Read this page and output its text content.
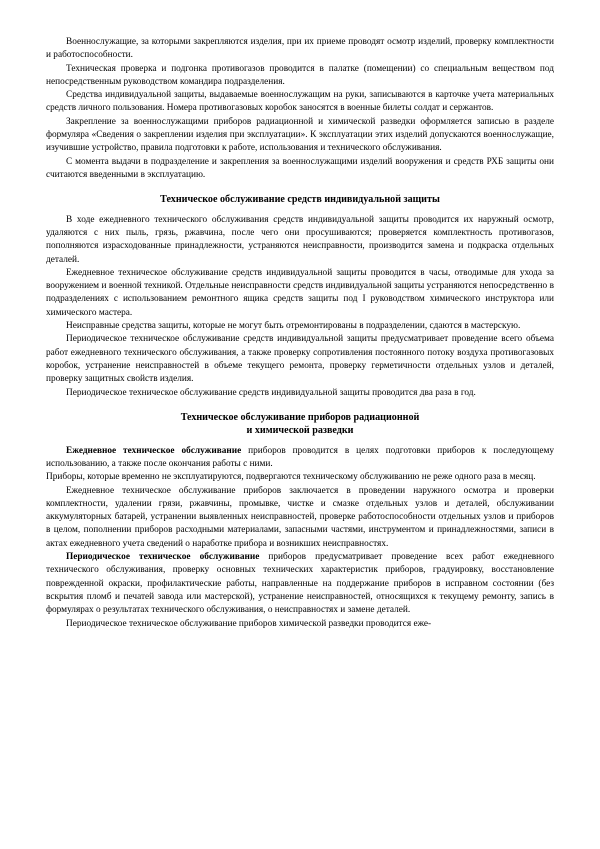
Военнослужащие, за которыми закрепляются изделия, при их приеме проводят осмотр изделий, проверку комплектности и работоспособности.

Техническая проверка и подгонка противогазов проводится в палатке (помещении) со специальным веществом под непосредственным руководством командира подразделения.

Средства индивидуальной защиты, выдаваемые военнослужащим на руки, записываются в карточке учета материальных средств личного пользования. Номера противогазовых коробок заносятся в военные билеты солдат и сержантов.

Закрепление за военнослужащими приборов радиационной и химической разведки оформляется записью в разделе формуляра «Сведения о закреплении изделия при эксплуатации». К эксплуатации этих изделий допускаются военнослужащие, изучившие устройство, правила подготовки к работе, использования и технического обслуживания.

С момента выдачи в подразделение и закрепления за военнослужащими изделий вооружения и средств РХБ защиты они считаются введенными в эксплуатацию.

Техническое обслуживание средств индивидуальной защиты

В ходе ежедневного технического обслуживания средств индивидуальной защиты проводится их наружный осмотр, удаляются с них пыль, грязь, ржавчина, после чего они просушиваются; проверяется комплектность противогазов, пополняются израсходованные принадлежности, устраняются неисправности, производится замена и подкраска отдельных деталей.

Ежедневное техническое обслуживание средств индивидуальной защиты проводится в часы, отводимые для ухода за вооружением и военной техникой. Отдельные неисправности средств индивидуальной защиты устраняются непосредственно в подразделениях с использованием ремонтного ящика средств защиты под I руководством химического инструктора или химического мастера.

Неисправные средства защиты, которые не могут быть отремонтированы в подразделении, сдаются в мастерскую.

Периодическое техническое обслуживание средств индивидуальной защиты предусматривает проведение всего объема работ ежедневного технического обслуживания, а также проверку сопротивления постоянного потоку воздуха противогазовых коробок, устранение неисправностей в объеме текущего ремонта, проверку герметичности отдельных узлов и деталей, проверку защитных свойств изделия.

Периодическое техническое обслуживание средств индивидуальной защиты проводится два раза в год.

Техническое обслуживание приборов радиационной
и химической разведки

Ежедневное техническое обслуживание приборов проводится в целях подготовки приборов к последующему использованию, а также после окончания работы с ними.

Приборы, которые временно не эксплуатируются, подвергаются техническому обслуживанию не реже одного раза в месяц.

Ежедневное техническое обслуживание приборов заключается в проведении наружного осмотра и проверки комплектности, удалении грязи, ржавчины, промывке, чистке и смазке отдельных узлов и деталей, обслуживании аккумуляторных батарей, устранении выявленных неисправностей, проверке работоспособности отдельных узлов и приборов в целом, пополнении приборов расходными материалами, запасными частями, инструментом и принадлежностями, записи в актах ежедневного учета сведений о наработке прибора и возникших неисправностях.

Периодическое техническое обслуживание приборов предусматривает проведение всех работ ежедневного технического обслуживания, проверку основных технических характеристик приборов, градуировку, восстановление поврежденной окраски, профилактические работы, направленные на поддержание приборов в исправном состоянии (без вскрытия пломб и печатей завода или мастерской), устранение неисправностей, относящихся к текущему ремонту, запись в формулярах о результатах технического обслуживания, о неисправностях и замене деталей.

Периодическое техническое обслуживание приборов химической разведки проводится еже-
